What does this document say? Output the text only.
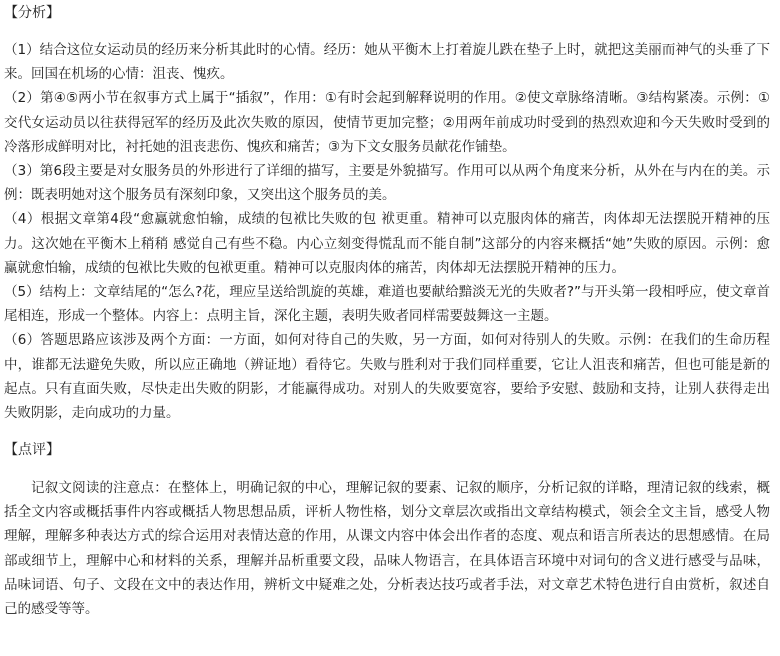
【分析】

（1）结合这位女运动员的经历来分析其此时的心情。经历：她从平衡木上打着旋儿跌在垫子上时，就把这美丽而神气的头垂了下来。回国在机场的心情：沮丧、愧疚。

（2）第④⑤两小节在叙事方式上属于“插叙”，作用：①有时会起到解释说明的作用。②使文章脉络清晰。③结构紧凑。示例：①交代女运动员以往获得冠军的经历及此次失败的原因，使情节更加完整；②用两年前成功时受到的热烈欢迎和今天失败时受到的冷落形成鲜明对比，衬托她的沮丧悲伤、愧疚和痛苦；③为下文女服务员献花作铺垫。

（3）第6段主要是对女服务员的外形进行了详细的描写，主要是外貌描写。作用可以从两个角度来分析，从外在与内在的美。示例：既表明她对这个服务员有深刻印象，又突出这个服务员的美。

（4）根据文章第4段“愈赢就愈怕输，成绩的包袱比失败的包 袱更重。精神可以克服肉体的痛苦，肉体却无法摆脱开精神的压力。这次她在平衡木上稍稍 感觉自己有些不稳。内心立刻变得慌乱而不能自制”这部分的内容来概括“她”失败的原因。示例：愈赢就愈怕输，成绩的包袱比失败的包袱更重。精神可以克服肉体的痛苦，肉体却无法摆脱开精神的压力。

（5）结构上：文章结尾的“怎么?花，理应呈送给凯旋的英雄，难道也要献给黯淡无光的失败者?”与开头第一段相呼应，使文章首尾相连，形成一个整体。内容上：点明主旨，深化主题，表明失败者同样需要鼓舞这一主题。

（6）答题思路应该涉及两个方面：一方面，如何对待自己的失败，另一方面，如何对待别人的失败。示例：在我们的生命历程中，谁都无法避免失败，所以应正确地（辨证地）看待它。失败与胜利对于我们同样重要，它让人沮丧和痛苦，但也可能是新的起点。只有直面失败，尽快走出失败的阴影，才能赢得成功。对别人的失败要宽容，要给予安慰、鼓励和支持，让别人获得走出失败阴影，走向成功的力量。

【点评】

记叙文阅读的注意点：在整体上，明确记叙的中心，理解记叙的要素、记叙的顺序，分析记叙的详略，理清记叙的线索，概括全文内容或概括事件内容或概括人物思想品质，评析人物性格，划分文章层次或指出文章结构模式，领会全文主旨，感受人物理解，理解多种表达方式的综合运用对表情达意的作用，从课文内容中体会出作者的态度、观点和语言所表达的思想感情。在局部或细节上，理解中心和材料的关系，理解并品析重要文段，品味人物语言，在具体语言环境中对词句的含义进行感受与品味，品味词语、句子、文段在文中的表达作用，辨析文中疑难之处，分析表达技巧或者手法，对文章艺术特色进行自由赏析，叙述自己的感受等等。
